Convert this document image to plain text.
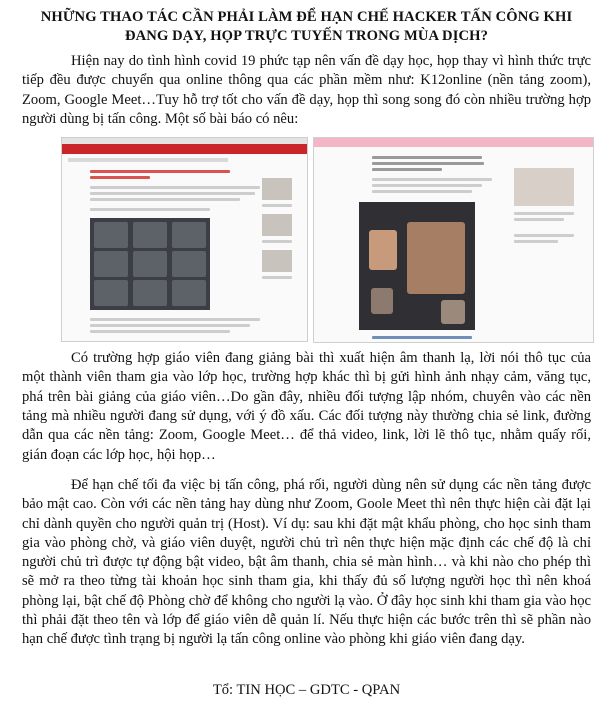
NHỮNG THAO TÁC CẦN PHẢI LÀM ĐỂ HẠN CHẾ HACKER TẤN CÔNG KHI ĐANG DẠY, HỌP TRỰC TUYẾN TRONG MÙA DỊCH?

Hiện nay do tình hình covid 19 phức tạp nên vấn đề dạy học, họp thay vì hình thức trực tiếp đều được chuyển qua online thông qua các phần mềm như: K12online (nền tảng zoom), Zoom, Google Meet…Tuy hỗ trợ tốt cho vấn đề dạy, họp thì song song đó còn nhiều trường hợp người dùng bị tấn công. Một số bài báo có nêu:

Có trường hợp giáo viên đang giảng bài thì xuất hiện âm thanh lạ, lời nói thô tục của một thành viên tham gia vào lớp học, trường hợp khác thì bị gửi hình ảnh nhạy cảm, văng tục, phá trên bài giảng của giáo viên…Do gần đây, nhiều đối tượng lập nhóm, chuyên vào các nền tảng mà nhiều người đang sử dụng, với ý đồ xấu. Các đối tượng này thường chia sẻ link, đường dẫn qua các nền tảng: Zoom, Google Meet… để thả video, link, lời lẽ thô tục, nhằm quấy rối, gián đoạn các lớp học, hội họp…

Để hạn chế tối đa việc bị tấn công, phá rối, người dùng nên sử dụng các nền tảng được bảo mật cao. Còn với các nền tảng hay dùng như Zoom, Goole Meet thì nên thực hiện cài đặt lại chỉ dành quyền cho người quản trị (Host). Ví dụ: sau khi đặt mật khẩu phòng, cho học sinh tham gia vào phòng chờ, và giáo viên duyệt, người chủ trì nên thực hiện mặc định các chế độ là chỉ người chủ trì được tự động bật video, bật âm thanh, chia sẻ màn hình… và khi nào cho phép thì sẽ mở ra theo từng tài khoản học sinh tham gia, khi thấy đủ số lượng người học thì nên khoá phòng lại, bật chế độ Phòng chờ để không cho người lạ vào. Ở đây học sinh khi tham gia vào học thì phải đặt theo tên và lớp để giáo viên dễ quản lí. Nếu thực hiện các bước trên thì sẽ phần nào hạn chế được tình trạng bị người lạ tấn công online vào phòng khi giáo viên đang dạy.

Tổ: TIN HỌC – GDTC - QPAN
